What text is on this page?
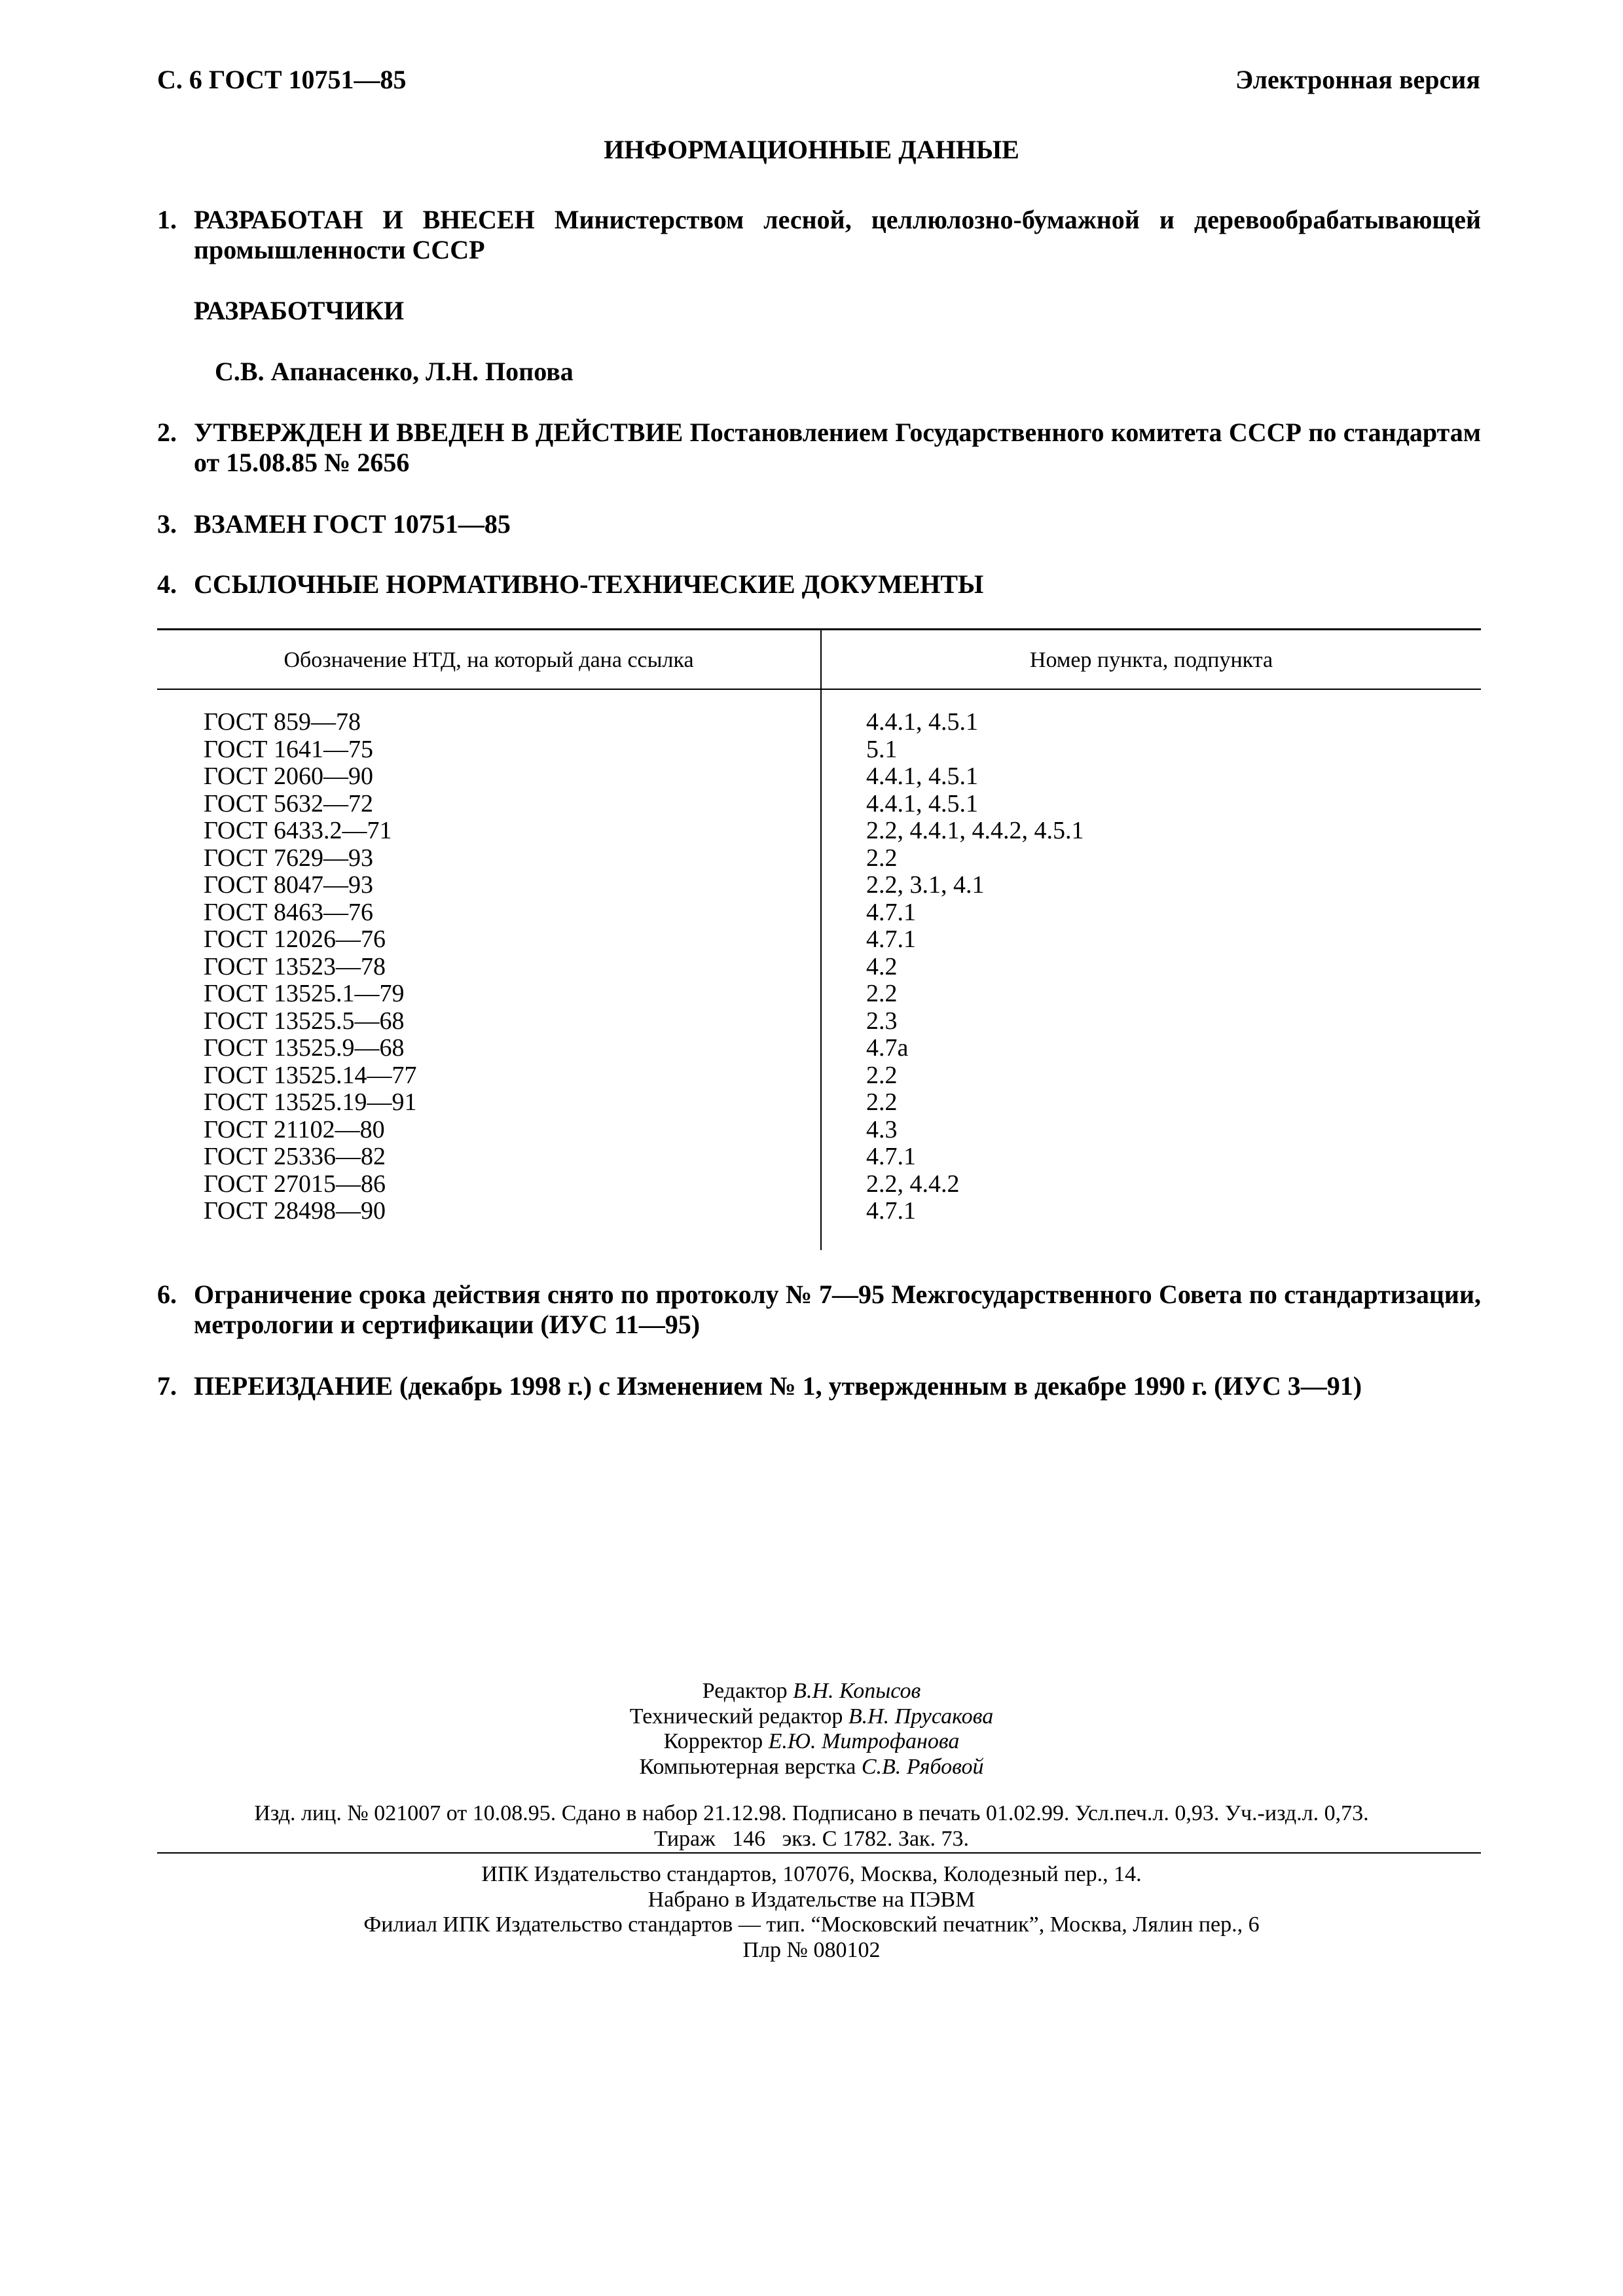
С. 6 ГОСТ 10751—85	Электронная версия
ИНФОРМАЦИОННЫЕ ДАННЫЕ
1. РАЗРАБОТАН И ВНЕСЕН Министерством лесной, целлюлозно-бумажной и деревообрабатывающей промышленности СССР
РАЗРАБОТЧИКИ
С.В. Апанасенко, Л.Н. Попова
2. УТВЕРЖДЕН И ВВЕДЕН В ДЕЙСТВИЕ Постановлением Государственного комитета СССР по стандартам от 15.08.85 № 2656
3. ВЗАМЕН ГОСТ 10751—85
4. ССЫЛОЧНЫЕ НОРМАТИВНО-ТЕХНИЧЕСКИЕ ДОКУМЕНТЫ
Обозначение НТД, на который дана ссылка	Номер пункта, подпункта
ГОСТ 859—78
ГОСТ 1641—75
ГОСТ 2060—90
ГОСТ 5632—72
ГОСТ 6433.2—71
ГОСТ 7629—93
ГОСТ 8047—93
ГОСТ 8463—76
ГОСТ 12026—76
ГОСТ 13523—78
ГОСТ 13525.1—79
ГОСТ 13525.5—68
ГОСТ 13525.9—68
ГОСТ 13525.14—77
ГОСТ 13525.19—91
ГОСТ 21102—80
ГОСТ 25336—82
ГОСТ 27015—86
ГОСТ 28498—90
4.4.1, 4.5.1
5.1
4.4.1, 4.5.1
4.4.1, 4.5.1
2.2, 4.4.1, 4.4.2, 4.5.1
2.2
2.2, 3.1, 4.1
4.7.1
4.7.1
4.2
2.2
2.3
4.7а
2.2
2.2
4.3
4.7.1
2.2, 4.4.2
4.7.1
6. Ограничение срока действия снято по протоколу № 7—95 Межгосударственного Совета по стандартизации, метрологии и сертификации (ИУС 11—95)
7. ПЕРЕИЗДАНИЕ (декабрь 1998 г.) с Изменением № 1, утвержденным в декабре 1990 г. (ИУС 3—91)
Редактор В.Н. Копысов
Технический редактор В.Н. Прусакова
Корректор Е.Ю. Митрофанова
Компьютерная верстка С.В. Рябовой
Изд. лиц. № 021007 от 10.08.95. Сдано в набор 21.12.98. Подписано в печать 01.02.99. Усл.печ.л. 0,93. Уч.-изд.л. 0,73.
Тираж   146   экз. С 1782. Зак. 73.
ИПК Издательство стандартов, 107076, Москва, Колодезный пер., 14.
Набрано в Издательстве на ПЭВМ
Филиал ИПК Издательство стандартов — тип. “Московский печатник”, Москва, Лялин пер., 6
Плр № 080102
